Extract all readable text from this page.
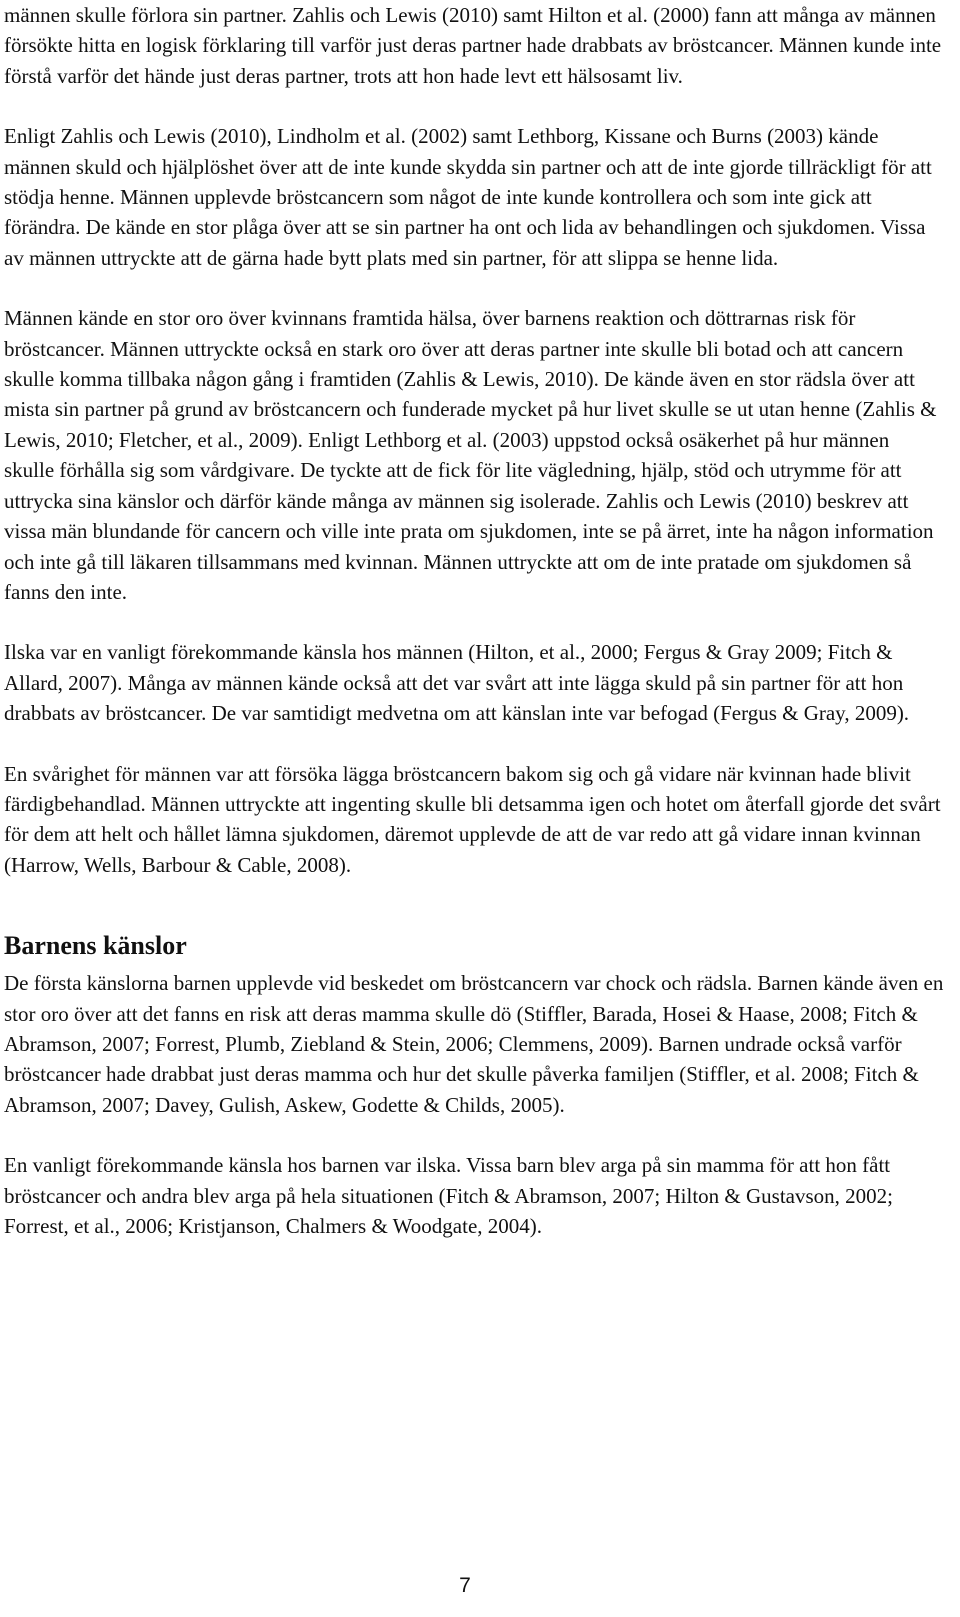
männen skulle förlora sin partner. Zahlis och Lewis (2010) samt Hilton et al. (2000) fann att många av männen försökte hitta en logisk förklaring till varför just deras partner hade drabbats av bröstcancer. Männen kunde inte förstå varför det hände just deras partner, trots att hon hade levt ett hälsosamt liv.

Enligt Zahlis och Lewis (2010), Lindholm et al. (2002) samt Lethborg, Kissane och Burns (2003) kände männen skuld och hjälplöshet över att de inte kunde skydda sin partner och att de inte gjorde tillräckligt för att stödja henne. Männen upplevde bröstcancern som något de inte kunde kontrollera och som inte gick att förändra. De kände en stor plåga över att se sin partner ha ont och lida av behandlingen och sjukdomen. Vissa av männen uttryckte att de gärna hade bytt plats med sin partner, för att slippa se henne lida.

Männen kände en stor oro över kvinnans framtida hälsa, över barnens reaktion och döttrarnas risk för bröstcancer. Männen uttryckte också en stark oro över att deras partner inte skulle bli botad och att cancern skulle komma tillbaka någon gång i framtiden (Zahlis & Lewis, 2010). De kände även en stor rädsla över att mista sin partner på grund av bröstcancern och funderade mycket på hur livet skulle se ut utan henne (Zahlis & Lewis, 2010; Fletcher, et al., 2009). Enligt Lethborg et al. (2003) uppstod också osäkerhet på hur männen skulle förhålla sig som vårdgivare. De tyckte att de fick för lite vägledning, hjälp, stöd och utrymme för att uttrycka sina känslor och därför kände många av männen sig isolerade. Zahlis och Lewis (2010) beskrev att vissa män blundande för cancern och ville inte prata om sjukdomen, inte se på ärret, inte ha någon information och inte gå till läkaren tillsammans med kvinnan. Männen uttryckte att om de inte pratade om sjukdomen så fanns den inte.

Ilska var en vanligt förekommande känsla hos männen (Hilton, et al., 2000; Fergus & Gray 2009; Fitch & Allard, 2007). Många av männen kände också att det var svårt att inte lägga skuld på sin partner för att hon drabbats av bröstcancer. De var samtidigt medvetna om att känslan inte var befogad (Fergus & Gray, 2009).

En svårighet för männen var att försöka lägga bröstcancern bakom sig och gå vidare när kvinnan hade blivit färdigbehandlad. Männen uttryckte att ingenting skulle bli detsamma igen och hotet om återfall gjorde det svårt för dem att helt och hållet lämna sjukdomen, däremot upplevde de att de var redo att gå vidare innan kvinnan (Harrow, Wells, Barbour & Cable, 2008).

Barnens känslor

De första känslorna barnen upplevde vid beskedet om bröstcancern var chock och rädsla. Barnen kände även en stor oro över att det fanns en risk att deras mamma skulle dö (Stiffler, Barada, Hosei & Haase, 2008; Fitch & Abramson, 2007; Forrest, Plumb, Ziebland & Stein, 2006; Clemmens, 2009). Barnen undrade också varför bröstcancer hade drabbat just deras mamma och hur det skulle påverka familjen (Stiffler, et al. 2008; Fitch & Abramson, 2007; Davey, Gulish, Askew, Godette & Childs, 2005).

En vanligt förekommande känsla hos barnen var ilska. Vissa barn blev arga på sin mamma för att hon fått bröstcancer och andra blev arga på hela situationen (Fitch & Abramson, 2007; Hilton & Gustavson, 2002; Forrest, et al., 2006; Kristjanson, Chalmers & Woodgate, 2004).

7
